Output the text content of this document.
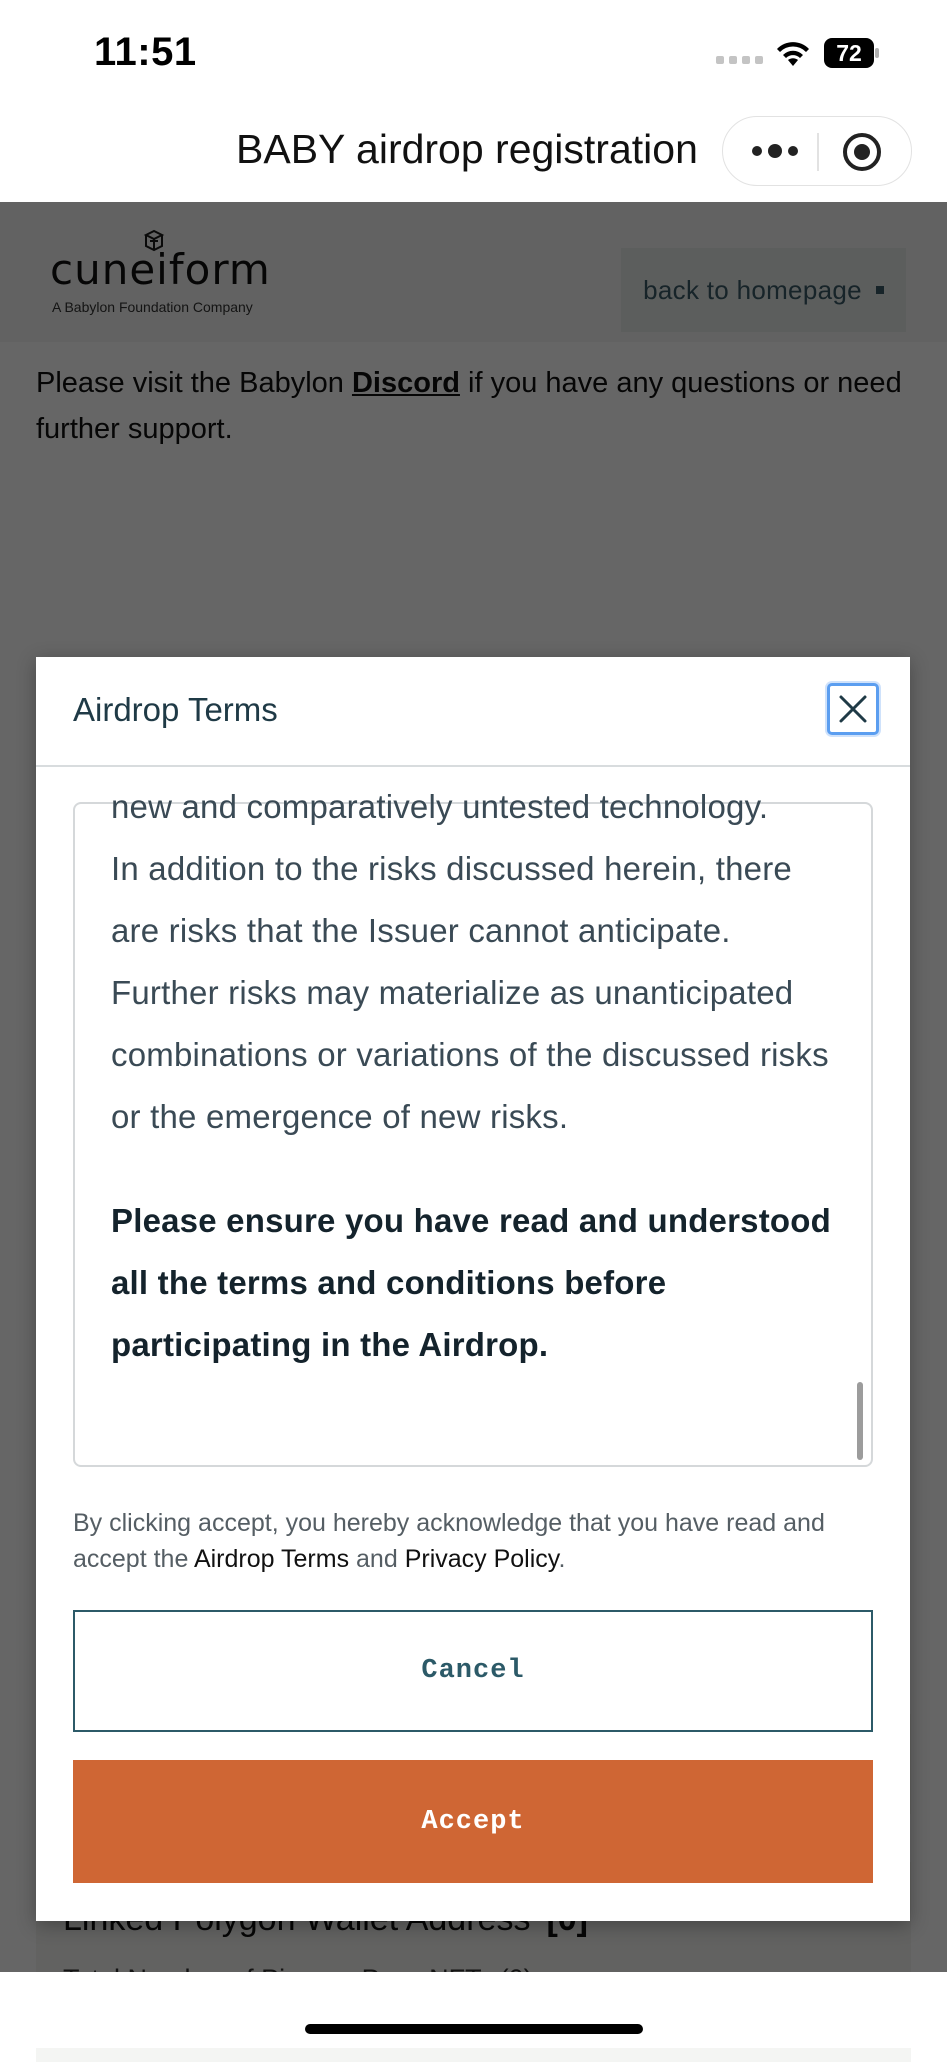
11:51	72
BABY airdrop registration
Airdrop Terms

new and comparatively untested technology.

In addition to the risks discussed herein, there are risks that the Issuer cannot anticipate. Further risks may materialize as unanticipated combinations or variations of the discussed risks or the emergence of new risks.

Please ensure you have read and understood all the terms and conditions before participating in the Airdrop.

By clicking accept, you hereby acknowledge that you have read and accept the Airdrop Terms and Privacy Policy.
Cancel
Accept
